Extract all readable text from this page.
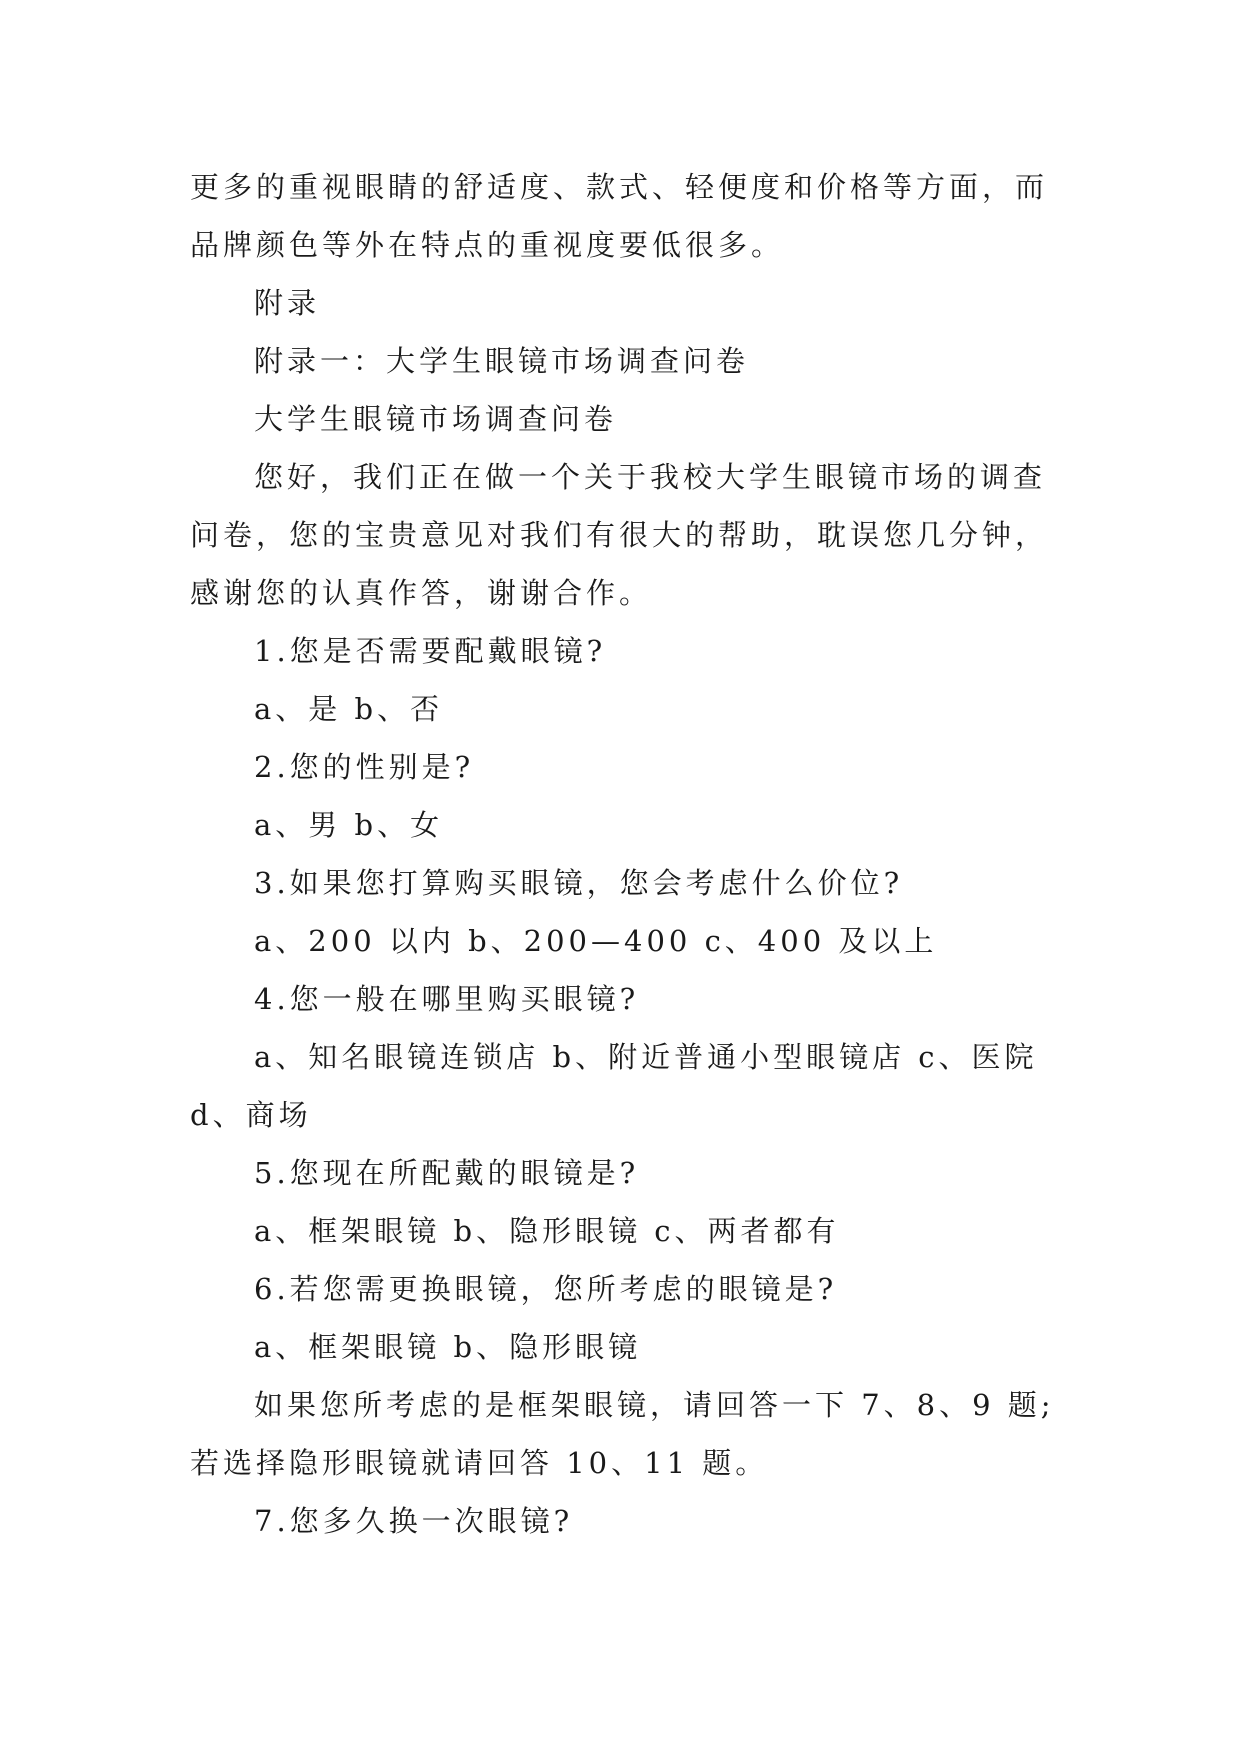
更多的重视眼睛的舒适度、款式、轻便度和价格等方面，而
品牌颜色等外在特点的重视度要低很多。
附录
附录一：大学生眼镜市场调查问卷
大学生眼镜市场调查问卷
您好，我们正在做一个关于我校大学生眼镜市场的调查
问卷，您的宝贵意见对我们有很大的帮助，耽误您几分钟，
感谢您的认真作答，谢谢合作。
1.您是否需要配戴眼镜?
a、是 b、否
2.您的性别是?
a、男 b、女
3.如果您打算购买眼镜，您会考虑什么价位?
a、200 以内 b、200—400 c、400 及以上
4.您一般在哪里购买眼镜?
a、知名眼镜连锁店 b、附近普通小型眼镜店 c、医院
d、商场
5.您现在所配戴的眼镜是?
a、框架眼镜 b、隐形眼镜 c、两者都有
6.若您需更换眼镜，您所考虑的眼镜是?
a、框架眼镜 b、隐形眼镜
如果您所考虑的是框架眼镜，请回答一下 7、8、9 题;
若选择隐形眼镜就请回答 10、11 题。
7.您多久换一次眼镜?
